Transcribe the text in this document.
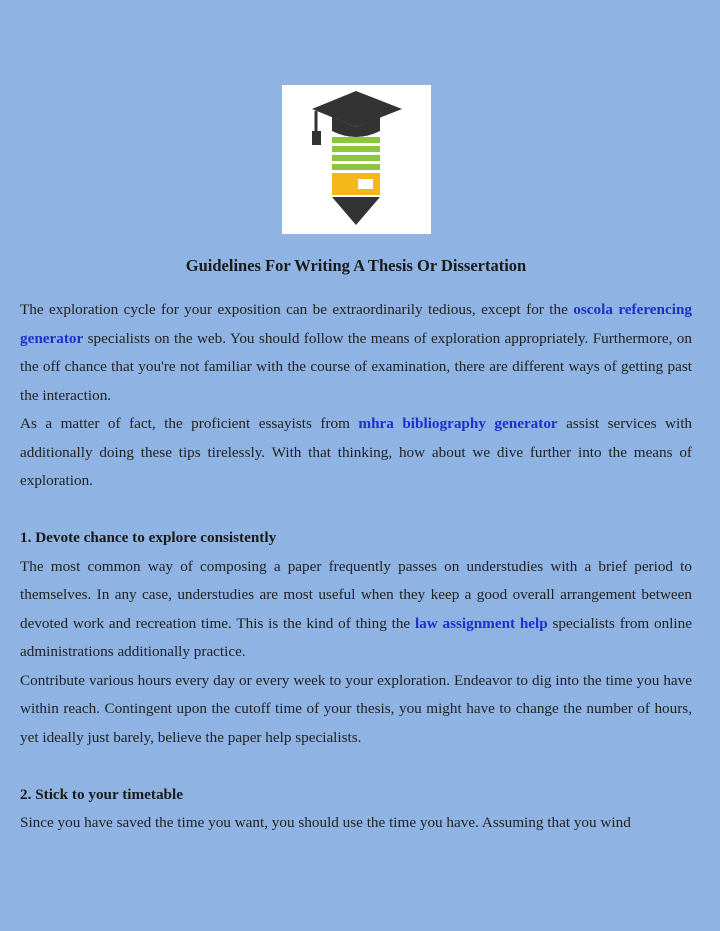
Guidelines For Writing A Thesis Or Dissertation

The exploration cycle for your exposition can be extraordinarily tedious, except for the oscola referencing generator specialists on the web. You should follow the means of exploration appropriately. Furthermore, on the off chance that you're not familiar with the course of examination, there are different ways of getting past the interaction.

As a matter of fact, the proficient essayists from mhra bibliography generator assist services with additionally doing these tips tirelessly. With that thinking, how about we dive further into the means of exploration.

1. Devote chance to explore consistently

The most common way of composing a paper frequently passes on understudies with a brief period to themselves. In any case, understudies are most useful when they keep a good overall arrangement between devoted work and recreation time. This is the kind of thing the law assignment help specialists from online administrations additionally practice.

Contribute various hours every day or every week to your exploration. Endeavor to dig into the time you have within reach. Contingent upon the cutoff time of your thesis, you might have to change the number of hours, yet ideally just barely, believe the paper help specialists.

2. Stick to your timetable

Since you have saved the time you want, you should use the time you have. Assuming that you wind
